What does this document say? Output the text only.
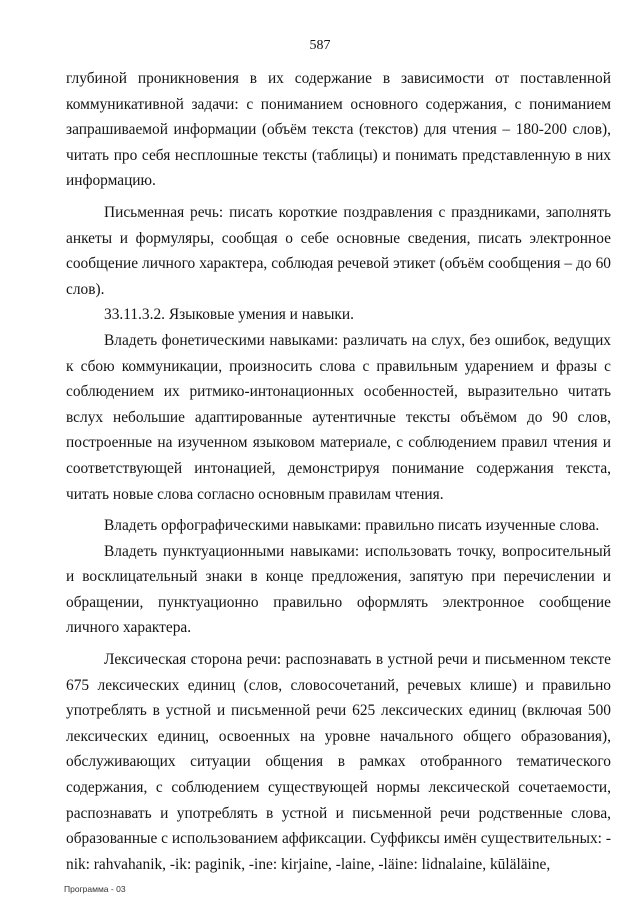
587

глубиной проникновения в их содержание в зависимости от поставленной коммуникативной задачи: с пониманием основного содержания, с пониманием запрашиваемой информации (объём текста (текстов) для чтения – 180-200 слов), читать про себя несплошные тексты (таблицы) и понимать представленную в них информацию.

Письменная речь: писать короткие поздравления с праздниками, заполнять анкеты и формуляры, сообщая о себе основные сведения, писать электронное сообщение личного характера, соблюдая речевой этикет (объём сообщения – до 60 слов).

33.11.3.2. Языковые умения и навыки.

Владеть фонетическими навыками: различать на слух, без ошибок, ведущих к сбою коммуникации, произносить слова с правильным ударением и фразы с соблюдением их ритмико-интонационных особенностей, выразительно читать вслух небольшие адаптированные аутентичные тексты объёмом до 90 слов, построенные на изученном языковом материале, с соблюдением правил чтения и соответствующей интонацией, демонстрируя понимание содержания текста, читать новые слова согласно основным правилам чтения.

Владеть орфографическими навыками: правильно писать изученные слова.

Владеть пунктуационными навыками: использовать точку, вопросительный и восклицательный знаки в конце предложения, запятую при перечислении и обращении, пунктуационно правильно оформлять электронное сообщение личного характера.

Лексическая сторона речи: распознавать в устной речи и письменном тексте 675 лексических единиц (слов, словосочетаний, речевых клише) и правильно употреблять в устной и письменной речи 625 лексических единиц (включая 500 лексических единиц, освоенных на уровне начального общего образования), обслуживающих ситуации общения в рамках отобранного тематического содержания, с соблюдением существующей нормы лексической сочетаемости, распознавать и употреблять в устной и письменной речи родственные слова, образованные с использованием аффиксации. Суффиксы имён существительных: -nik: rahvahanik, -ik: paginik, -ine: kirjaine, -laine, -läine: lidnalaine, kūläläine,

Программа - 03
